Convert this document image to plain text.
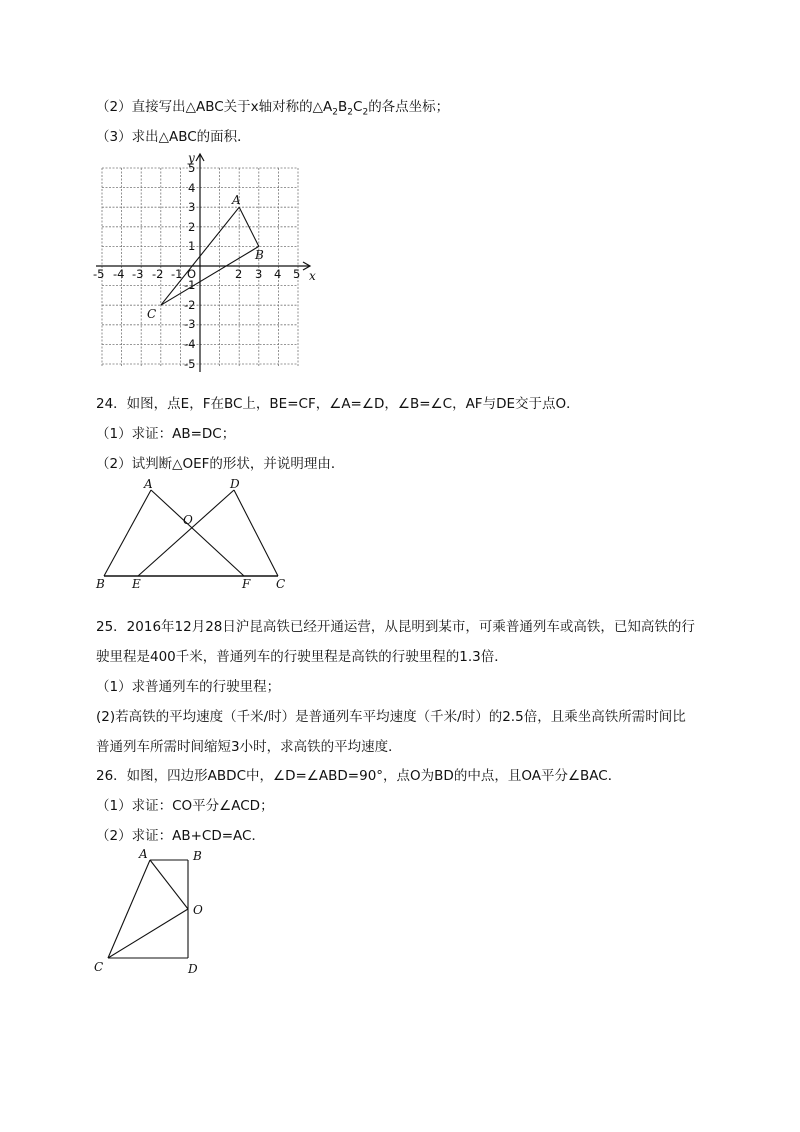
（2）直接写出△ABC关于x轴对称的$\triangle A_2B_2C_2$的各点坐标；
（3）求出△ABC的面积．
x
y
O
-5 -4 -3 -2 -1	2 3 4 5
5
4
3
2
1
-1
-2
-3
-4
-5
A
B
C
24．如图，点E，F在BC上，BE=CF，∠A=∠D，∠B=∠C，AF与DE交于点O．
（1）求证：AB=DC；
（2）试判断△OEF的形状，并说明理由．
A	D
O
B E	F C
25．2016年12月28日沪昆高铁已经开通运营，从昆明到某市，可乘普通列车或高铁，已知高铁的行
驶里程是400千米，普通列车的行驶里程是高铁的行驶里程的1.3倍．
（1）求普通列车的行驶里程；
(2)若高铁的平均速度（千米/时）是普通列车平均速度（千米/时）的2.5倍，且乘坐高铁所需时间比
普通列车所需时间缩短3小时，求高铁的平均速度．
26．如图，四边形ABDC中，∠D=∠ABD=90°，点O为BD的中点，且OA平分∠BAC．
（1）求证：CO平分∠ACD；
（2）求证：AB+CD=AC．
A	B
O
C	D
